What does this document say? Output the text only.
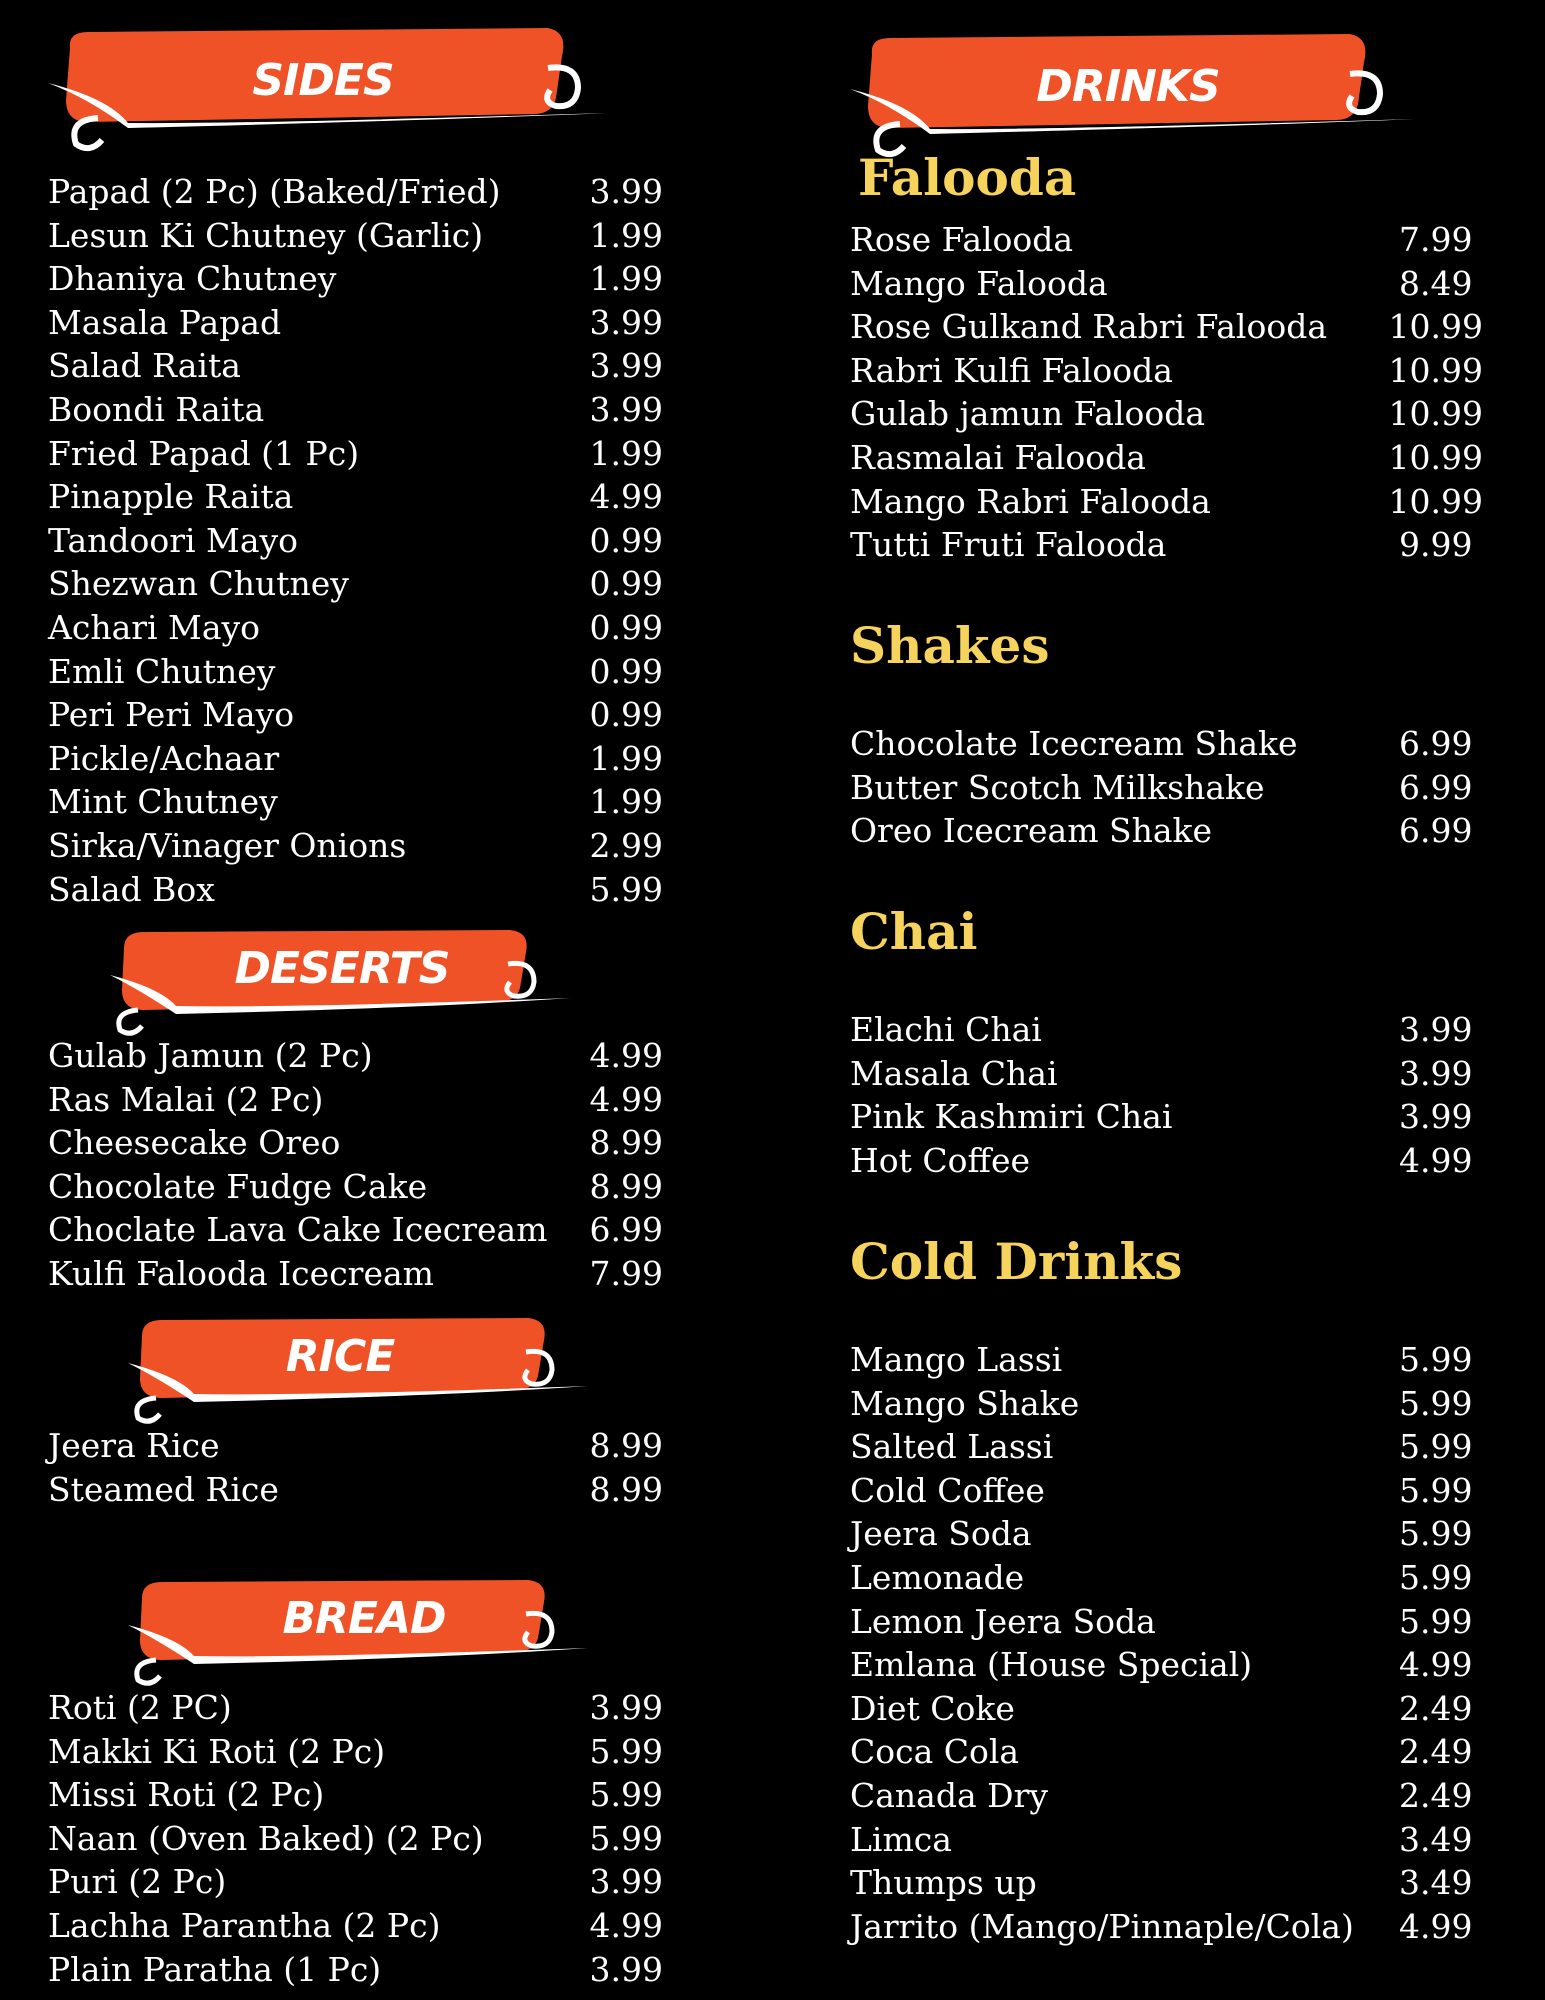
SIDES
DESERTS
RICE
BREAD
DRINKS
Papad (2 Pc) (Baked/Fried)	3.99
Lesun Ki Chutney (Garlic)	1.99
Dhaniya Chutney	1.99
Masala Papad	3.99
Salad Raita	3.99
Boondi Raita	3.99
Fried Papad (1 Pc)	1.99
Pinapple Raita	4.99
Tandoori Mayo	0.99
Shezwan Chutney	0.99
Achari Mayo	0.99
Emli Chutney	0.99
Peri Peri Mayo	0.99
Pickle/Achaar	1.99
Mint Chutney	1.99
Sirka/Vinager Onions	2.99
Salad Box	5.99
Gulab Jamun (2 Pc)	4.99
Ras Malai (2 Pc)	4.99
Cheesecake Oreo	8.99
Chocolate Fudge Cake	8.99
Choclate Lava Cake Icecream	6.99
Kulfi Falooda Icecream	7.99
Jeera Rice	8.99
Steamed Rice	8.99
Roti (2 PC)	3.99
Makki Ki Roti (2 Pc)	5.99
Missi Roti (2 Pc)	5.99
Naan (Oven Baked) (2 Pc)	5.99
Puri (2 Pc)	3.99
Lachha Parantha (2 Pc)	4.99
Plain Paratha (1 Pc)	3.99
Falooda
Shakes
Chai
Cold Drinks
Rose Falooda	7.99
Mango Falooda	8.49
Rose Gulkand Rabri Falooda	10.99
Rabri Kulfi Falooda	10.99
Gulab jamun Falooda	10.99
Rasmalai Falooda	10.99
Mango Rabri Falooda	10.99
Tutti Fruti Falooda	9.99
Chocolate Icecream Shake	6.99
Butter Scotch Milkshake	6.99
Oreo Icecream Shake	6.99
Elachi Chai	3.99
Masala Chai	3.99
Pink Kashmiri Chai	3.99
Hot Coffee	4.99
Mango Lassi	5.99
Mango Shake	5.99
Salted Lassi	5.99
Cold Coffee	5.99
Jeera Soda	5.99
Lemonade	5.99
Lemon Jeera Soda	5.99
Emlana (House Special)	4.99
Diet Coke	2.49
Coca Cola	2.49
Canada Dry	2.49
Limca	3.49
Thumps up	3.49
Jarrito (Mango/Pinnaple/Cola)	4.99
